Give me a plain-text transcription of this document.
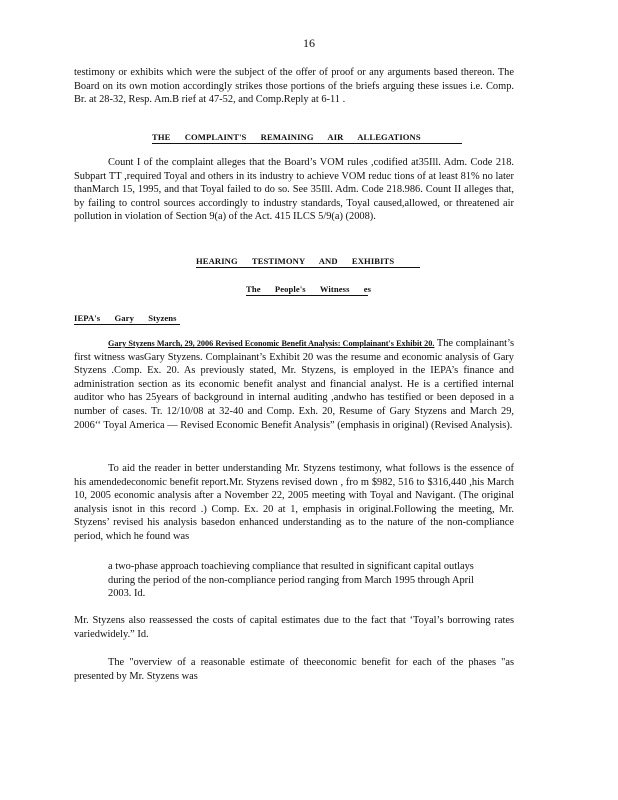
16

testimony or exhibits which were the subject of the offer of proof or any arguments based thereon. The Board on its own motion accordingly strikes those portions of the briefs arguing these issues i.e. Comp. Br. at 28-32, Resp. Am.B rief at 47-52, and Comp.Reply at 6-11 .

THE COMPLAINT'S REMAINING AIR ALLEGATIONS

Count I of the complaint alleges that the Board’s VOM rules ,codified at35Ill. Adm. Code 218. Subpart TT ,required Toyal and others in its industry to achieve VOM reduc tions of at least 81% no later thanMarch 15, 1995, and that Toyal failed to do so. See 35Ill. Adm. Code 218.986. Count II alleges that, by failing to control sources accordingly to industry standards, Toyal caused,allowed, or threatened air pollution in violation of Section 9(a) of the Act. 415 ILCS 5/9(a) (2008).

HEARING TESTIMONY AND EXHIBITS
The People's Witness es
IEPA's Gary Styzens

Gary Styzens March, 29, 2006 Revised Economic Benefit Analysis: Complainant's Exhibit 20. The complainant’s first witness wasGary Styzens. Complainant’s Exhibit 20 was the resume and economic analysis of Gary Styzens .Comp. Ex. 20. As previously stated, Mr. Styzens, is employed in the IEPA’s finance and administration section as its economic benefit analyst and financial analyst. He is a certified internal auditor who has 25years of background in internal auditing ,andwho has testified or been deposed in a number of cases. Tr. 12/10/08 at 32-40 and Comp. Exh. 20, Resume of Gary Styzens and March 29, 2006‘‘ Toyal America — Revised Economic Benefit Analysis” (emphasis in original) (Revised Analysis).

To aid the reader in better understanding Mr. Styzens testimony, what follows is the essence of his amendedeconomic benefit report.Mr. Styzens revised down , fro m $982, 516 to $316,440 ,his March 10, 2005 economic analysis after a November 22, 2005 meeting with Toyal and Navigant. (The original analysis isnot in this record .) Comp. Ex. 20 at 1, emphasis in original.Following the meeting, Mr. Styzens’ revised his analysis basedon enhanced understanding as to the nature of the non-compliance period, which he found was

a two-phase approach toachieving compliance that resulted in significant capital outlays during the period of the non-compliance period ranging from March 1995 through April 2003. Id.

Mr. Styzens also reassessed the costs of capital estimates due to the fact that ‘Toyal’s borrowing rates variedwidely.” Id.

The "overview of a reasonable estimate of theeconomic benefit for each of the phases "as presented by Mr. Styzens was
